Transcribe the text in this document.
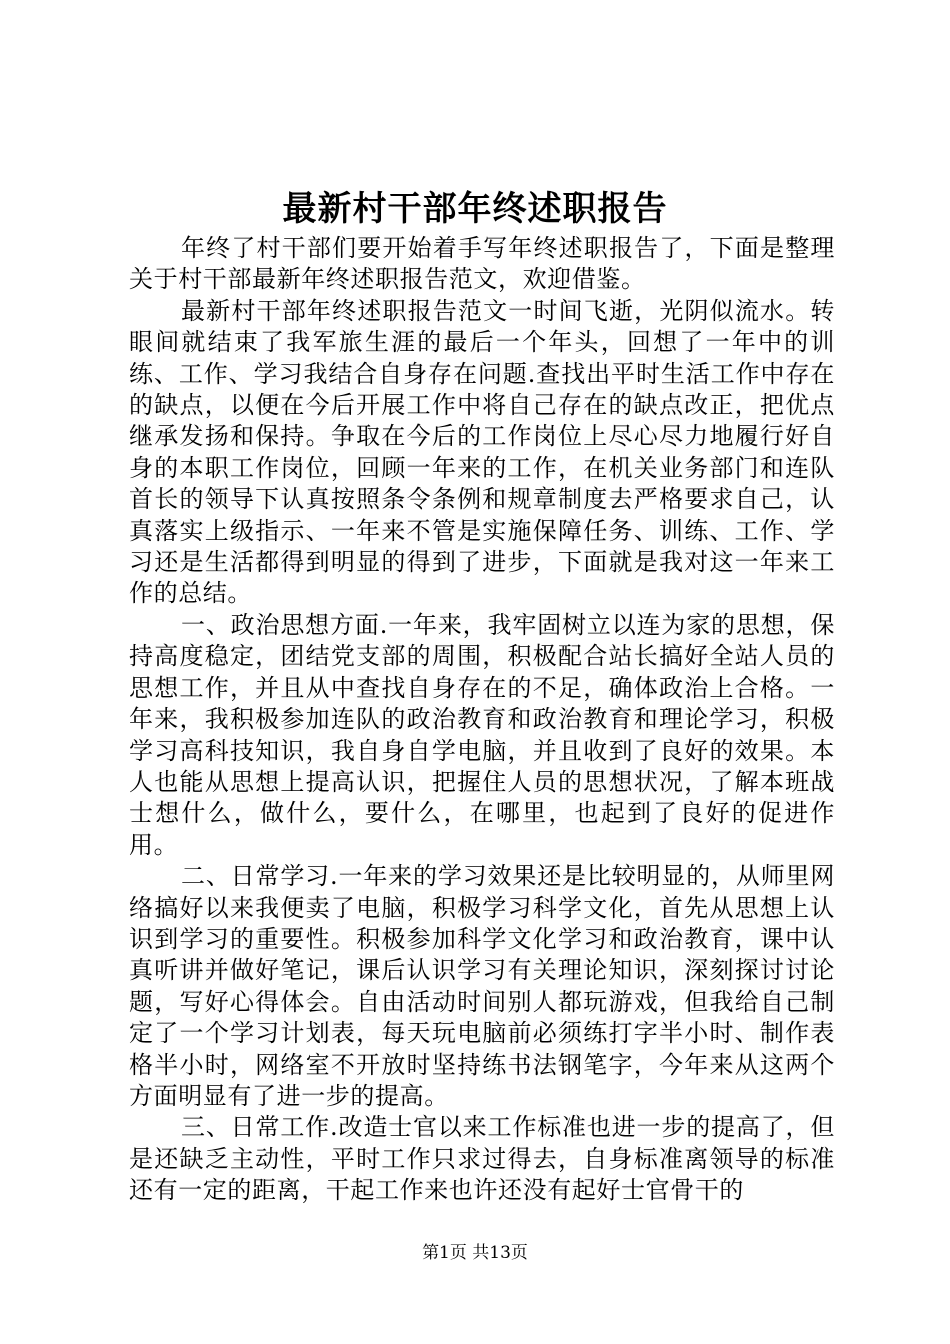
最新村干部年终述职报告

年终了村干部们要开始着手写年终述职报告了，下面是整理关于村干部最新年终述职报告范文，欢迎借鉴。

最新村干部年终述职报告范文一时间飞逝，光阴似流水。转眼间就结束了我军旅生涯的最后一个年头，回想了一年中的训练、工作、学习我结合自身存在问题.查找出平时生活工作中存在的缺点，以便在今后开展工作中将自己存在的缺点改正，把优点继承发扬和保持。争取在今后的工作岗位上尽心尽力地履行好自身的本职工作岗位，回顾一年来的工作，在机关业务部门和连队首长的领导下认真按照条令条例和规章制度去严格要求自己，认真落实上级指示、一年来不管是实施保障任务、训练、工作、学习还是生活都得到明显的得到了进步，下面就是我对这一年来工作的总结。

一、政治思想方面.一年来，我牢固树立以连为家的思想，保持高度稳定，团结党支部的周围，积极配合站长搞好全站人员的思想工作，并且从中查找自身存在的不足，确体政治上合格。一年来，我积极参加连队的政治教育和政治教育和理论学习，积极学习高科技知识，我自身自学电脑，并且收到了良好的效果。本人也能从思想上提高认识，把握住人员的思想状况，了解本班战士想什么，做什么，要什么，在哪里，也起到了良好的促进作用。

二、日常学习.一年来的学习效果还是比较明显的，从师里网络搞好以来我便卖了电脑，积极学习科学文化，首先从思想上认识到学习的重要性。积极参加科学文化学习和政治教育，课中认真听讲并做好笔记，课后认识学习有关理论知识，深刻探讨讨论题，写好心得体会。自由活动时间别人都玩游戏，但我给自己制定了一个学习计划表，每天玩电脑前必须练打字半小时、制作表格半小时，网络室不开放时坚持练书法钢笔字，今年来从这两个方面明显有了进一步的提高。

三、日常工作.改造士官以来工作标准也进一步的提高了，但是还缺乏主动性，平时工作只求过得去，自身标准离领导的标准还有一定的距离，干起工作来也许还没有起好士官骨干的

第1页 共13页
